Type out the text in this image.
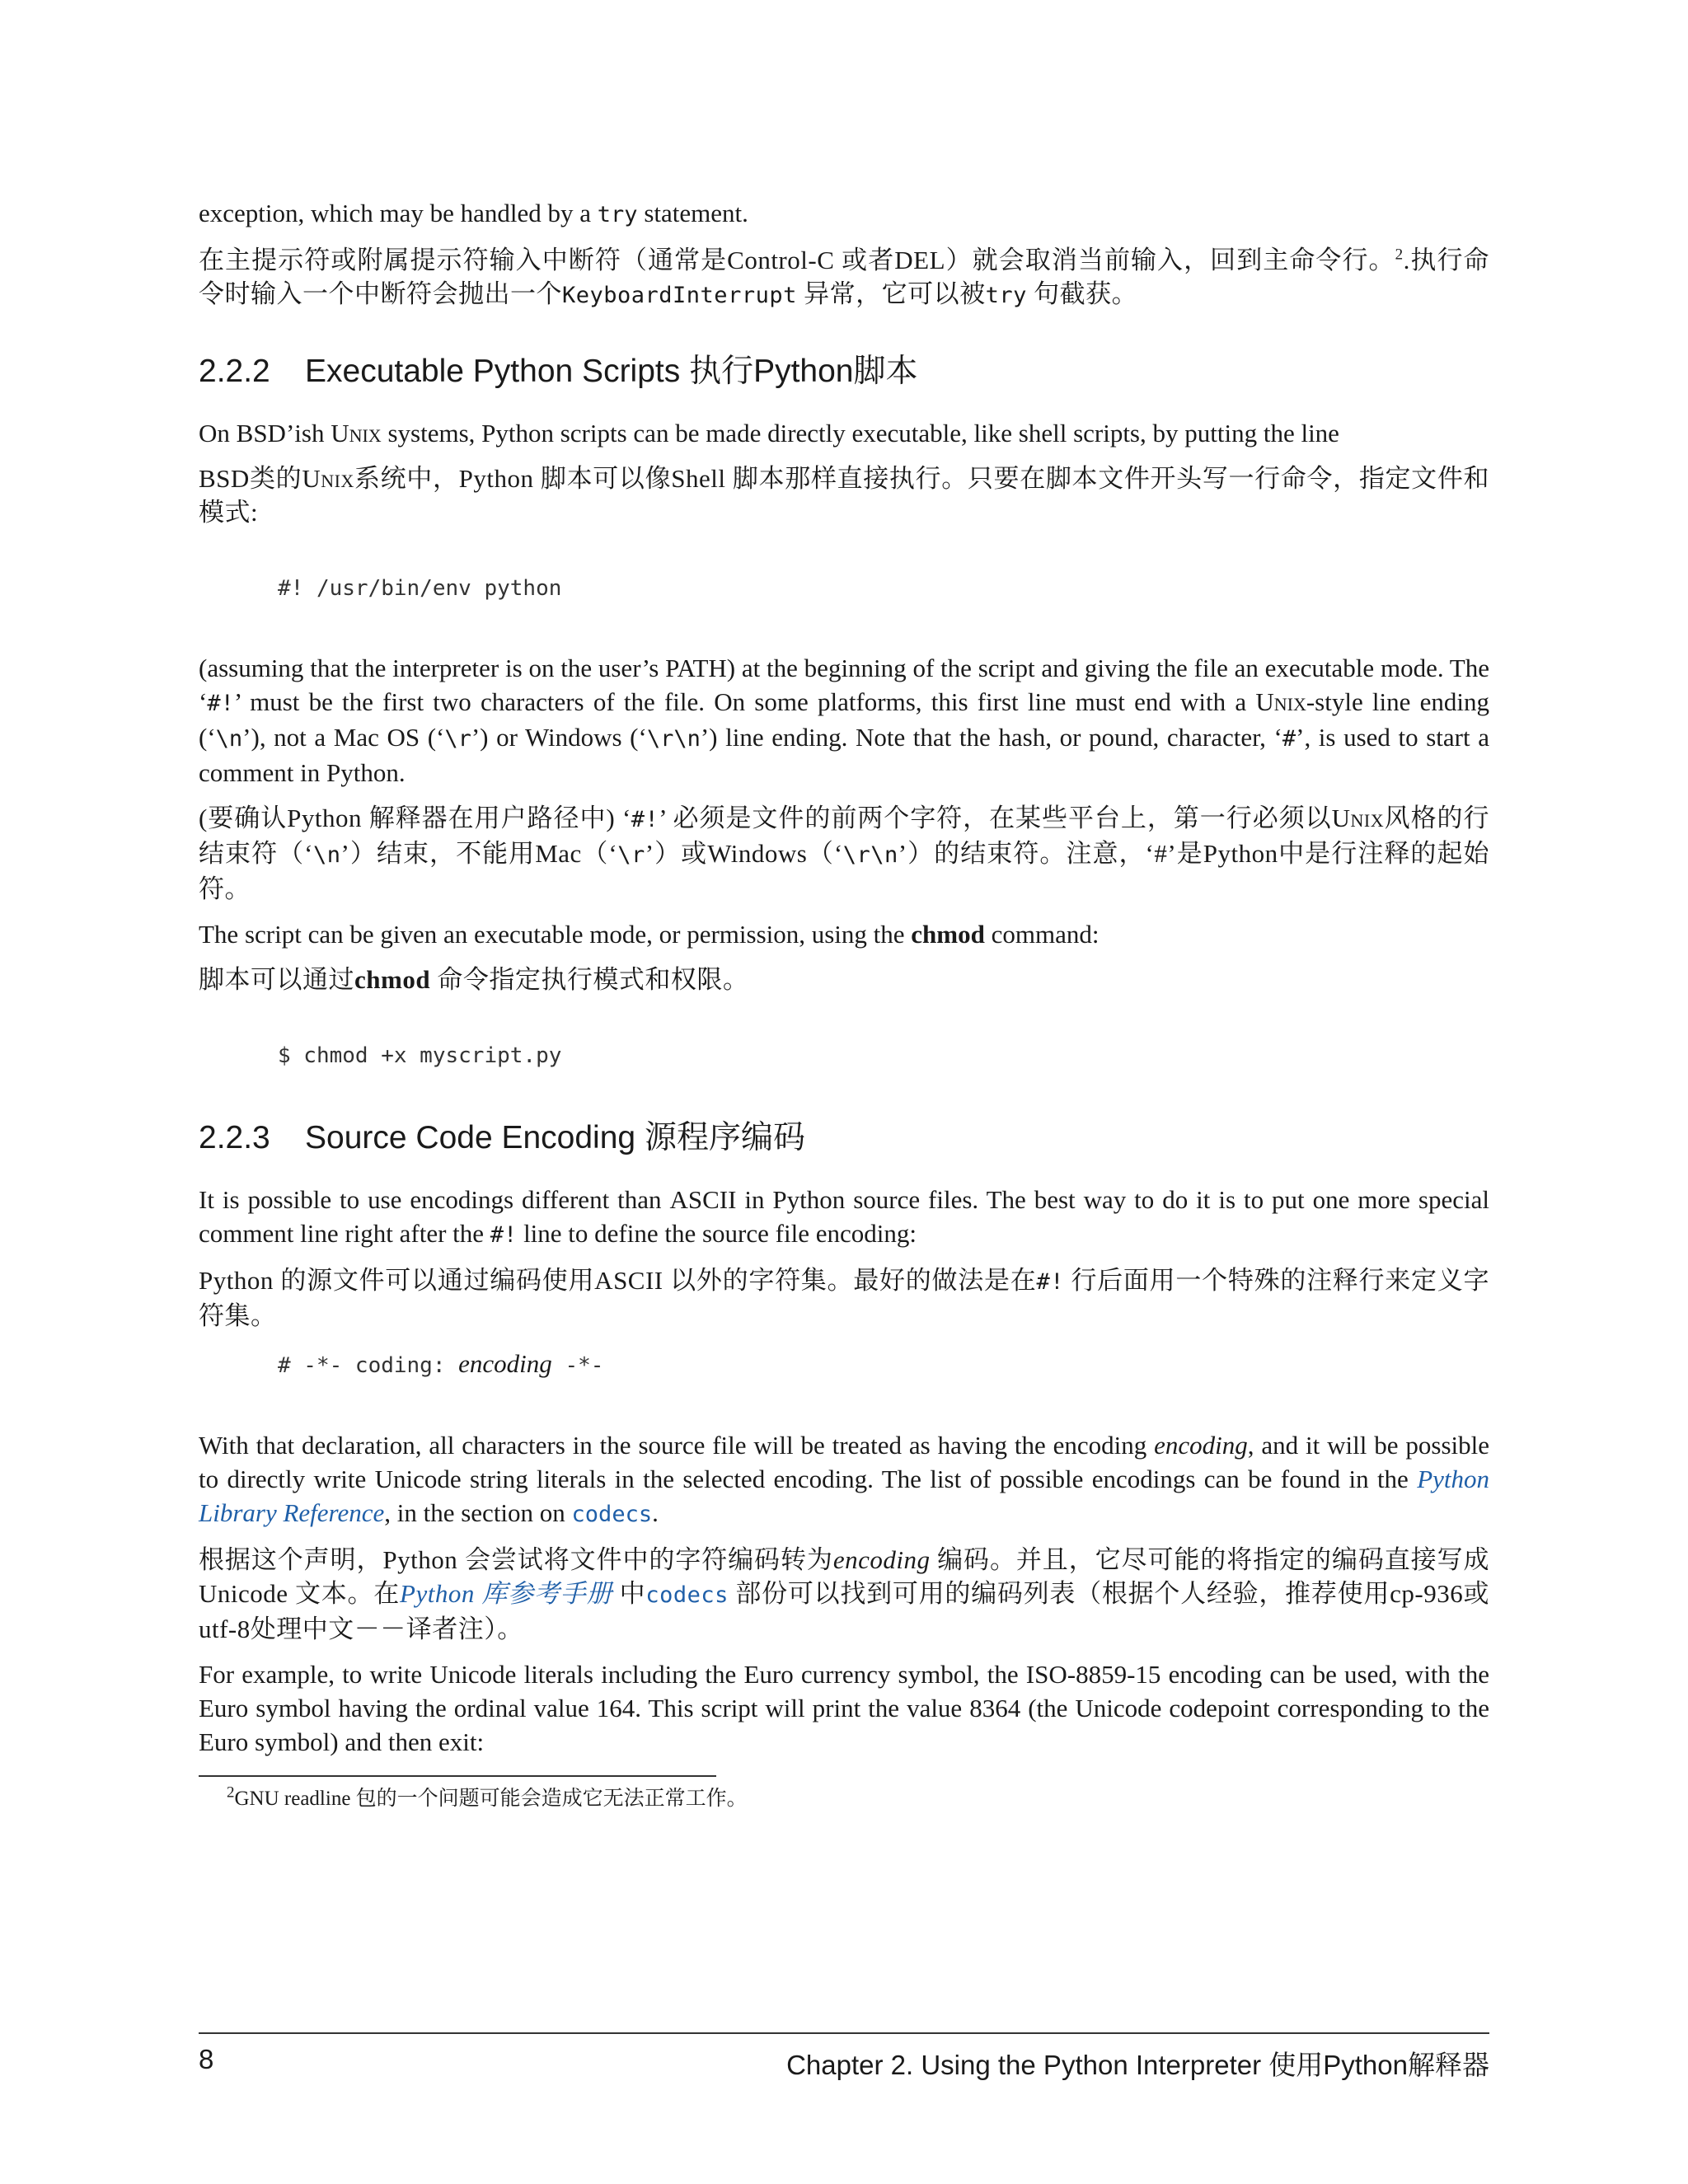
exception, which may be handled by a try statement.

在主提示符或附属提示符输入中断符（通常是Control-C 或者DEL）就会取消当前输入，回到主命令行。$^2$.执行命令时输入一个中断符会抛出一个KeyboardInterrupt 异常，它可以被try 句截获。

2.2.2 Executable Python Scripts 执行Python脚本

On BSD’ish Unix systems, Python scripts can be made directly executable, like shell scripts, by putting the line

BSD类的Unix系统中，Python 脚本可以像Shell 脚本那样直接执行。只要在脚本文件开头写一行命令，指定文件和模式:

#! /usr/bin/env python

(assuming that the interpreter is on the user’s PATH) at the beginning of the script and giving the file an executable mode. The ‘#!’ must be the first two characters of the file. On some platforms, this first line must end with a Unix-style line ending (‘\n’), not a Mac OS (‘\r’) or Windows (‘\r\n’) line ending. Note that the hash, or pound, character, ‘#’, is used to start a comment in Python.

(要确认Python 解释器在用户路径中) ‘#!’ 必须是文件的前两个字符，在某些平台上，第一行必须以Unix风格的行结束符（‘\n’）结束，不能用Mac（‘\r’）或Windows（‘\r\n’）的结束符。注意，‘#’是Python中是行注释的起始符。

The script can be given an executable mode, or permission, using the chmod command:

脚本可以通过chmod 命令指定执行模式和权限。

$ chmod +x myscript.py
2.2.3 Source Code Encoding 源程序编码

It is possible to use encodings different than ASCII in Python source files. The best way to do it is to put one more special comment line right after the #! line to define the source file encoding:

Python 的源文件可以通过编码使用ASCII 以外的字符集。最好的做法是在#! 行后面用一个特殊的注释行来定义字符集。

# -*- coding: encoding -*-

With that declaration, all characters in the source file will be treated as having the encoding encoding, and it will be possible to directly write Unicode string literals in the selected encoding. The list of possible encodings can be found in the Python Library Reference, in the section on codecs.

根据这个声明，Python 会尝试将文件中的字符编码转为encoding 编码。并且，它尽可能的将指定的编码直接写成Unicode 文本。在Python 库参考手册 中codecs 部份可以找到可用的编码列表（根据个人经验，推荐使用cp-936或utf-8处理中文－－译者注）。

For example, to write Unicode literals including the Euro currency symbol, the ISO-8859-15 encoding can be used, with the Euro symbol having the ordinal value 164. This script will print the value 8364 (the Unicode codepoint corresponding to the Euro symbol) and then exit:

$^2$GNU readline 包的一个问题可能会造成它无法正常工作。
8	Chapter 2. Using the Python Interpreter 使用Python解释器
